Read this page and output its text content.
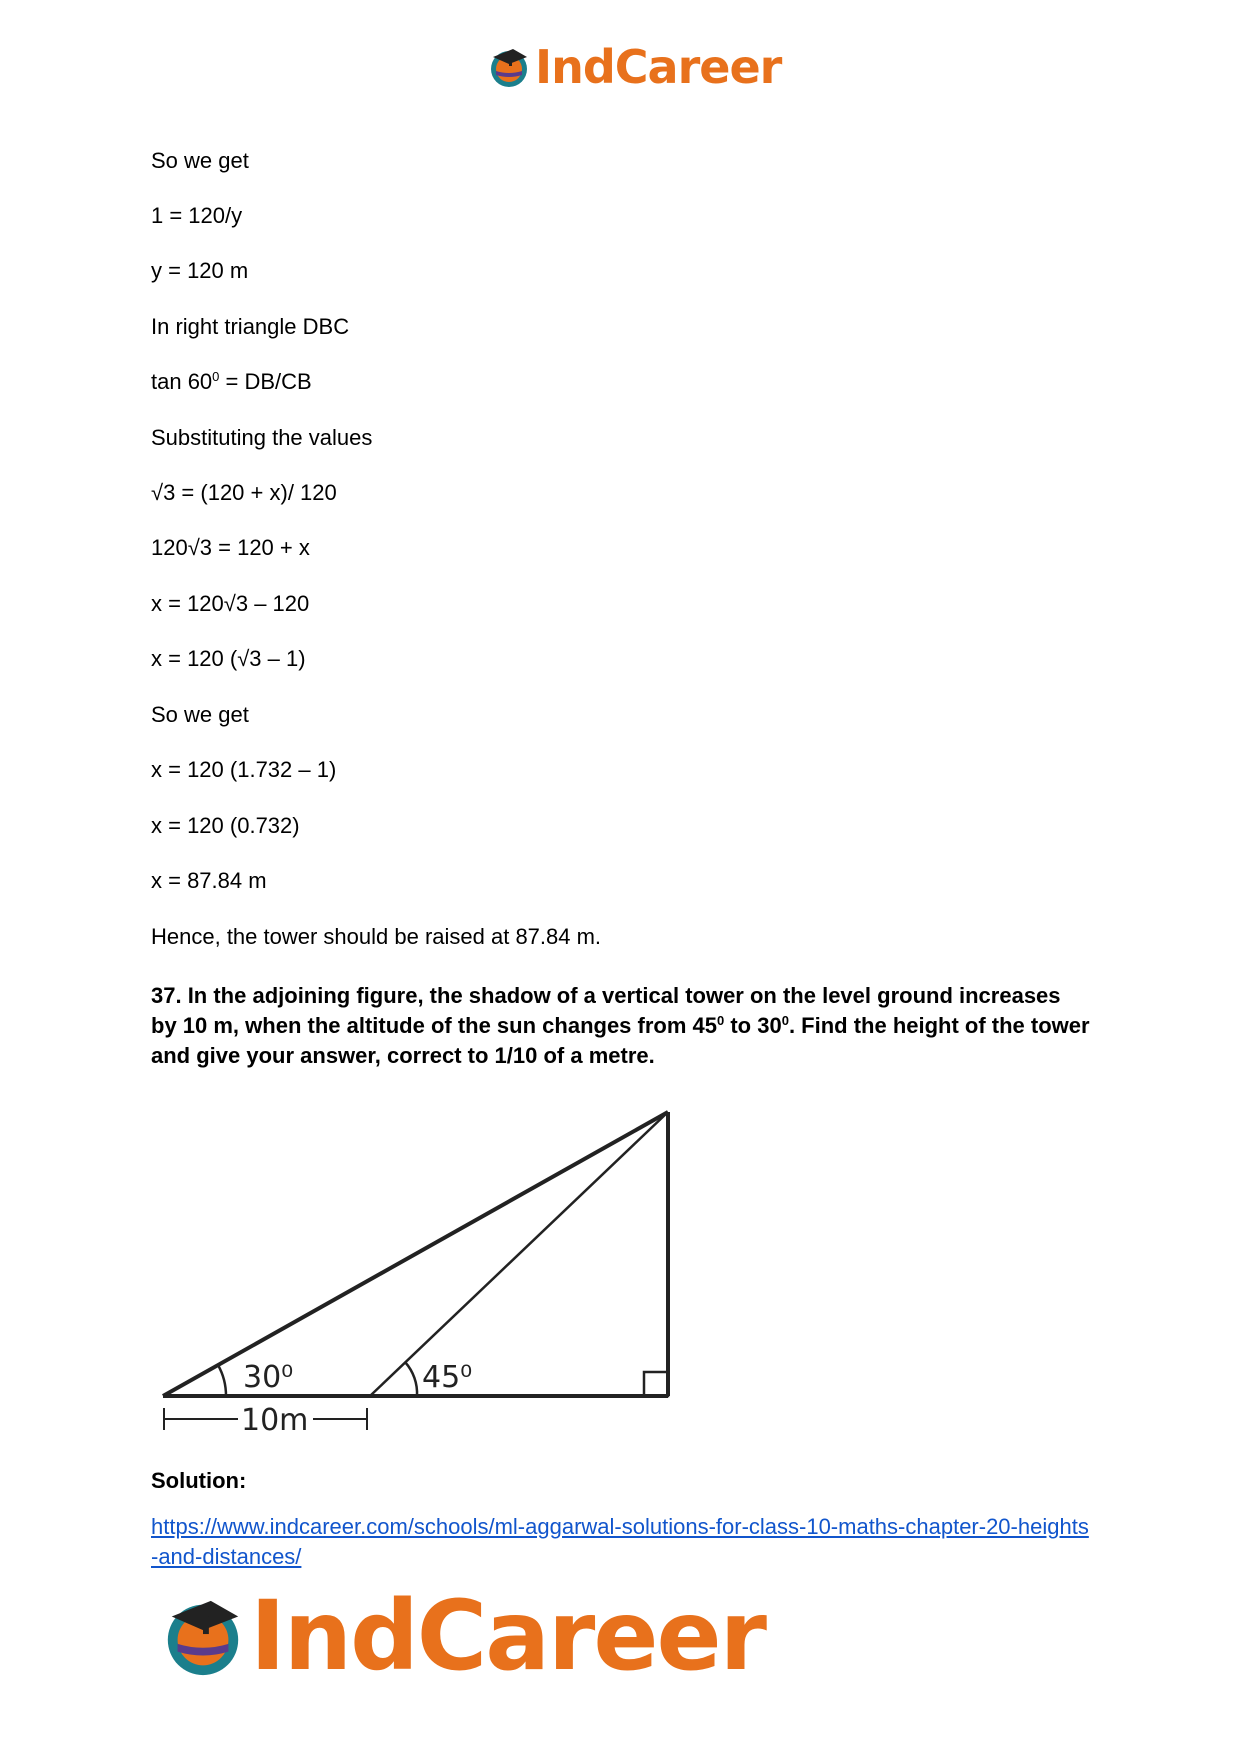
IndCareer
So we get
1 = 120/y
y = 120 m
In right triangle DBC
$\tan 60^0 = DB/CB$
Substituting the values
√3 = (120 + x)/ 120
120√3 = 120 + x
x = 120√3 – 120
x = 120 (√3 – 1)
So we get
x = 120 (1.732 – 1)
x = 120 (0.732)
x = 87.84 m
Hence, the tower should be raised at 87.84 m.
37. In the adjoining figure, the shadow of a vertical tower on the level ground increases by 10 m, when the altitude of the sun changes from $45^0$ to $30^0$. Find the height of the tower and give your answer, correct to 1/10 of a metre.
Solution:
https://www.indcareer.com/schools/ml-aggarwal-solutions-for-class-10-maths-chapter-20-heights-and-distances/
30⁰	45⁰
10m
IndCareer
